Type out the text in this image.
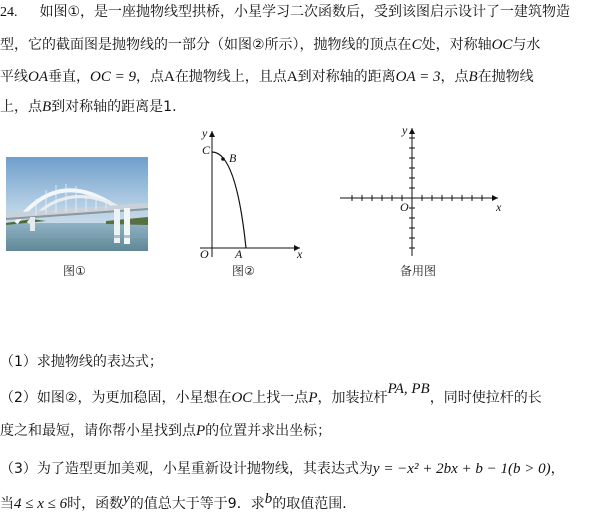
24. 如图①，是一座抛物线型拱桥，小星学习二次函数后，受到该图启示设计了一建筑物造
型，它的截面图是抛物线的一部分（如图②所示），抛物线的顶点在C处，对称轴OC与水
平线OA垂直，OC = 9，点A在抛物线上，且点A到对称轴的距离OA = 3，点B在抛物线
上，点B到对称轴的距离是1.
图①
y
C
B
O A	x
图②
y
O	x
备用图
（1）求抛物线的表达式；
（2）如图②，为更加稳固，小星想在OC上找一点P，加装拉杆PA, PB，同时使拉杆的长
度之和最短，请你帮小星找到点P的位置并求出坐标；
（3）为了造型更加美观，小星重新设计抛物线，其表达式为y = −x² + 2bx + b − 1(b > 0)，
当4 ≤ x ≤ 6时，函数y的值总大于等于9．求b的取值范围．
